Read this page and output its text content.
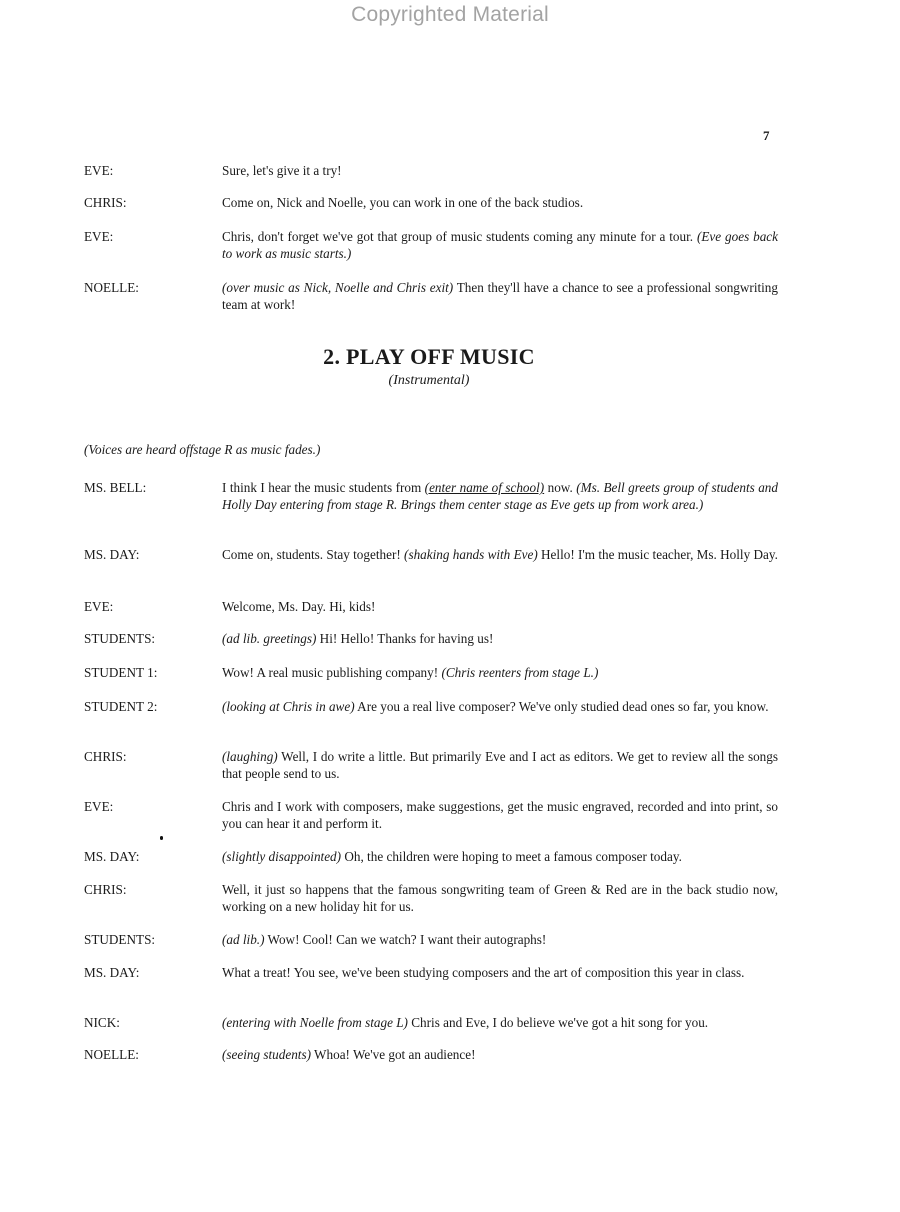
Copyrighted Material
7
EVE:	Sure, let's give it a try!
CHRIS:	Come on, Nick and Noelle, you can work in one of the back studios.
EVE:	Chris, don't forget we've got that group of music students coming any minute for a tour. (Eve goes back to work as music starts.)
NOELLE:	(over music as Nick, Noelle and Chris exit) Then they'll have a chance to see a professional songwriting team at work!
2. PLAY OFF MUSIC
(Instrumental)
(Voices are heard offstage R as music fades.)
MS. BELL:	I think I hear the music students from (enter name of school) now. (Ms. Bell greets group of students and Holly Day entering from stage R. Brings them center stage as Eve gets up from work area.)
MS. DAY:	Come on, students. Stay together! (shaking hands with Eve) Hello! I'm the music teacher, Ms. Holly Day.
EVE:	Welcome, Ms. Day. Hi, kids!
STUDENTS:	(ad lib. greetings) Hi! Hello! Thanks for having us!
STUDENT 1:	Wow! A real music publishing company! (Chris reenters from stage L.)
STUDENT 2:	(looking at Chris in awe) Are you a real live composer? We've only studied dead ones so far, you know.
CHRIS:	(laughing) Well, I do write a little. But primarily Eve and I act as editors. We get to review all the songs that people send to us.
EVE:	Chris and I work with composers, make suggestions, get the music engraved, recorded and into print, so you can hear it and perform it.
MS. DAY:	(slightly disappointed) Oh, the children were hoping to meet a famous composer today.
CHRIS:	Well, it just so happens that the famous songwriting team of Green & Red are in the back studio now, working on a new holiday hit for us.
STUDENTS:	(ad lib.) Wow! Cool! Can we watch? I want their autographs!
MS. DAY:	What a treat! You see, we've been studying composers and the art of composition this year in class.
NICK:	(entering with Noelle from stage L) Chris and Eve, I do believe we've got a hit song for you.
NOELLE:	(seeing students) Whoa! We've got an audience!
